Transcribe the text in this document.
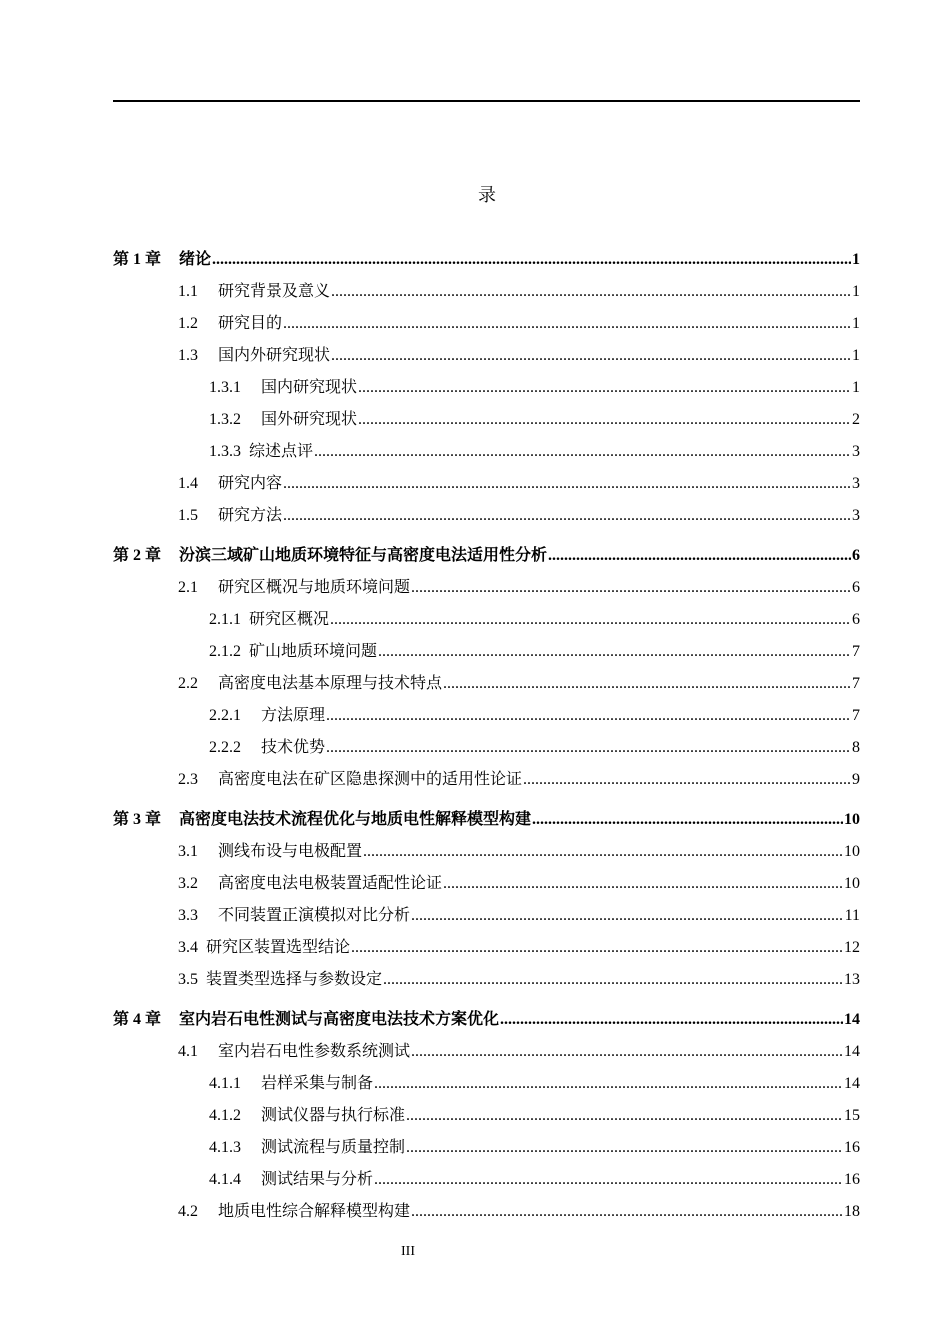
录
第 1 章 绪论 .....	1
1.1 研究背景及意义 .....	1
1.2 研究目的 .....	1
1.3 国内外研究现状 .....	1
1.3.1 国内研究现状 .....	1
1.3.2 国外研究现状 .....	2
1.3.3 综述点评 .....	3
1.4 研究内容 .....	3
1.5 研究方法 .....	3
第 2 章 汾滨三域矿山地质环境特征与高密度电法适用性分析 .....	6
2.1 研究区概况与地质环境问题 .....	6
2.1.1 研究区概况 .....	6
2.1.2 矿山地质环境问题 .....	7
2.2 高密度电法基本原理与技术特点 .....	7
2.2.1 方法原理 .....	7
2.2.2 技术优势 .....	8
2.3 高密度电法在矿区隐患探测中的适用性论证 .....	9
第 3 章 高密度电法技术流程优化与地质电性解释模型构建 .....	10
3.1 测线布设与电极配置 .....	10
3.2 高密度电法电极装置适配性论证 .....	10
3.3 不同装置正演模拟对比分析 .....	11
3.4 研究区装置选型结论 .....	12
3.5 装置类型选择与参数设定 .....	13
第 4 章 室内岩石电性测试与高密度电法技术方案优化 .....	14
4.1 室内岩石电性参数系统测试 .....	14
4.1.1 岩样采集与制备 .....	14
4.1.2 测试仪器与执行标准 .....	15
4.1.3 测试流程与质量控制 .....	16
4.1.4 测试结果与分析 .....	16
4.2 地质电性综合解释模型构建 .....	18
III
